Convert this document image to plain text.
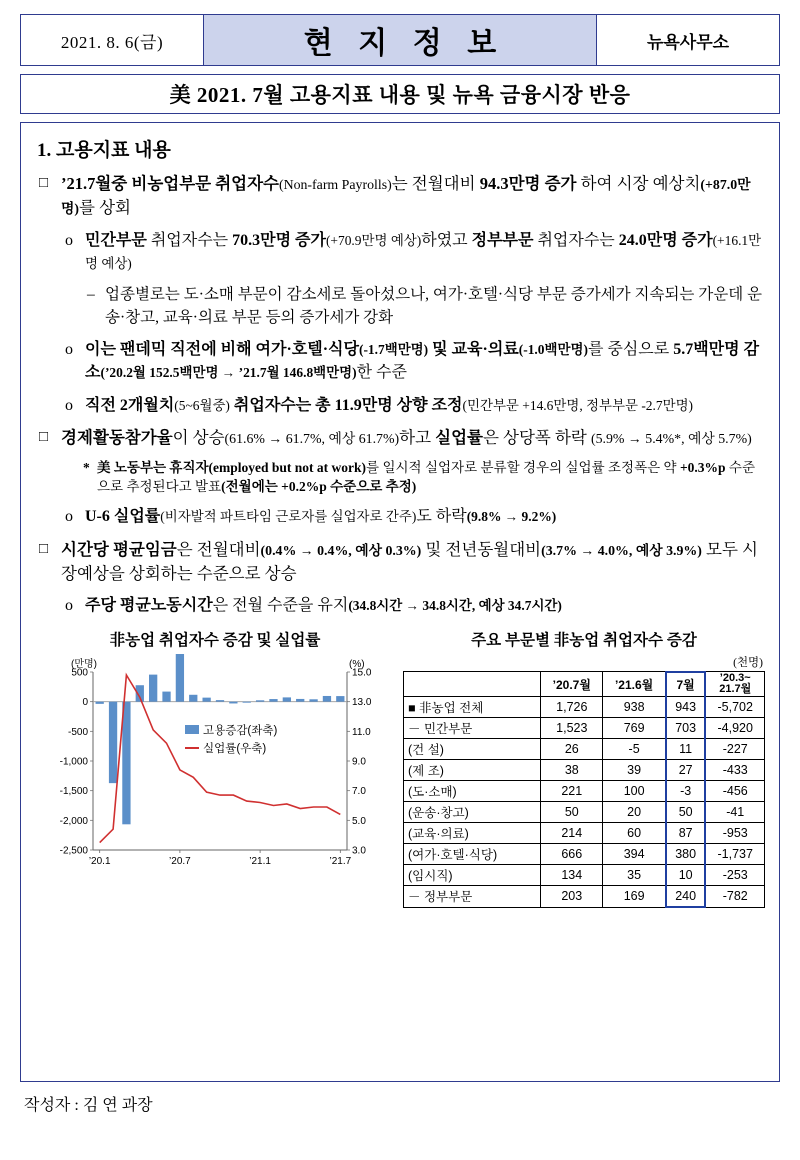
2021. 8. 6(금)	현 지 정 보	뉴욕사무소
美 2021. 7월 고용지표 내용 및 뉴욕 금융시장 반응
1. 고용지표 내용
□ ’21.7월중 비농업부문 취업자수(Non-farm Payrolls)는 전월대비 94.3만명 증가 하여 시장 예상치(+87.0만명)를 상회
o 민간부문 취업자수는 70.3만명 증가(+70.9만명 예상)하였고 정부부문 취업자수는 24.0만명 증가(+16.1만명 예상)
– 업종별로는 도·소매 부문이 감소세로 돌아섰으나, 여가·호텔·식당 부문 증가세가 지속되는 가운데 운송·창고, 교육·의료 부문 등의 증가세가 강화
o 이는 팬데믹 직전에 비해 여가·호텔·식당(-1.7백만명) 및 교육·의료(-1.0백만명)를 중심으로 5.7백만명 감소(’20.2월 152.5백만명 → ’21.7월 146.8백만명)한 수준
o 직전 2개월치(5~6월중) 취업자수는 총 11.9만명 상향 조정(민간부문 +14.6만명, 정부부문 -2.7만명)
□ 경제활동참가율이 상승(61.6% → 61.7%, 예상 61.7%)하고 실업률은 상당폭 하락 (5.9% → 5.4%*, 예상 5.7%)
* 美 노동부는 휴직자(employed but not at work)를 일시적 실업자로 분류할 경우의 실업률 조정폭은 약 +0.3%p 수준으로 추정된다고 발표(전월에는 +0.2%p 수준으로 추정)
o U-6 실업률(비자발적 파트타임 근로자를 실업자로 간주)도 하락(9.8% → 9.2%)
□ 시간당 평균임금은 전월대비(0.4% → 0.4%, 예상 0.3%) 및 전년동월대비(3.7% → 4.0%, 예상 3.9%) 모두 시장예상을 상회하는 수준으로 상승
o 주당 평균노동시간은 전월 수준을 유지(34.8시간 → 34.8시간, 예상 34.7시간)
非농업 취업자수 증감 및 실업률
(만명)	(%)
500
0
-500
-1,000
-1,500
-2,000
-2,500
15.0
13.0
11.0
9.0
7.0
5.0
3.0
’20.1	’20.7	’21.1	’21.7
고용증감(좌축)
실업률(우축)
주요 부문별 非농업 취업자수 증감
(천명)
	’20.7월	’21.6월	7월	’20.3~
21.7월

■ 非농업 전체	1,726	938	943	-5,702
－ 민간부문	1,523	769	703	-4,920
(건 설)	26	-5	11	-227
(제 조)	38	39	27	-433
(도·소매)	221	100	-3	-456
(운송·창고)	50	20	50	-41
(교육·의료)	214	60	87	-953
(여가·호텔·식당)	666	394	380	-1,737
(임시직)	134	35	10	-253
－ 정부부문	203	169	240	-782
작성자 : 김 연 과장
